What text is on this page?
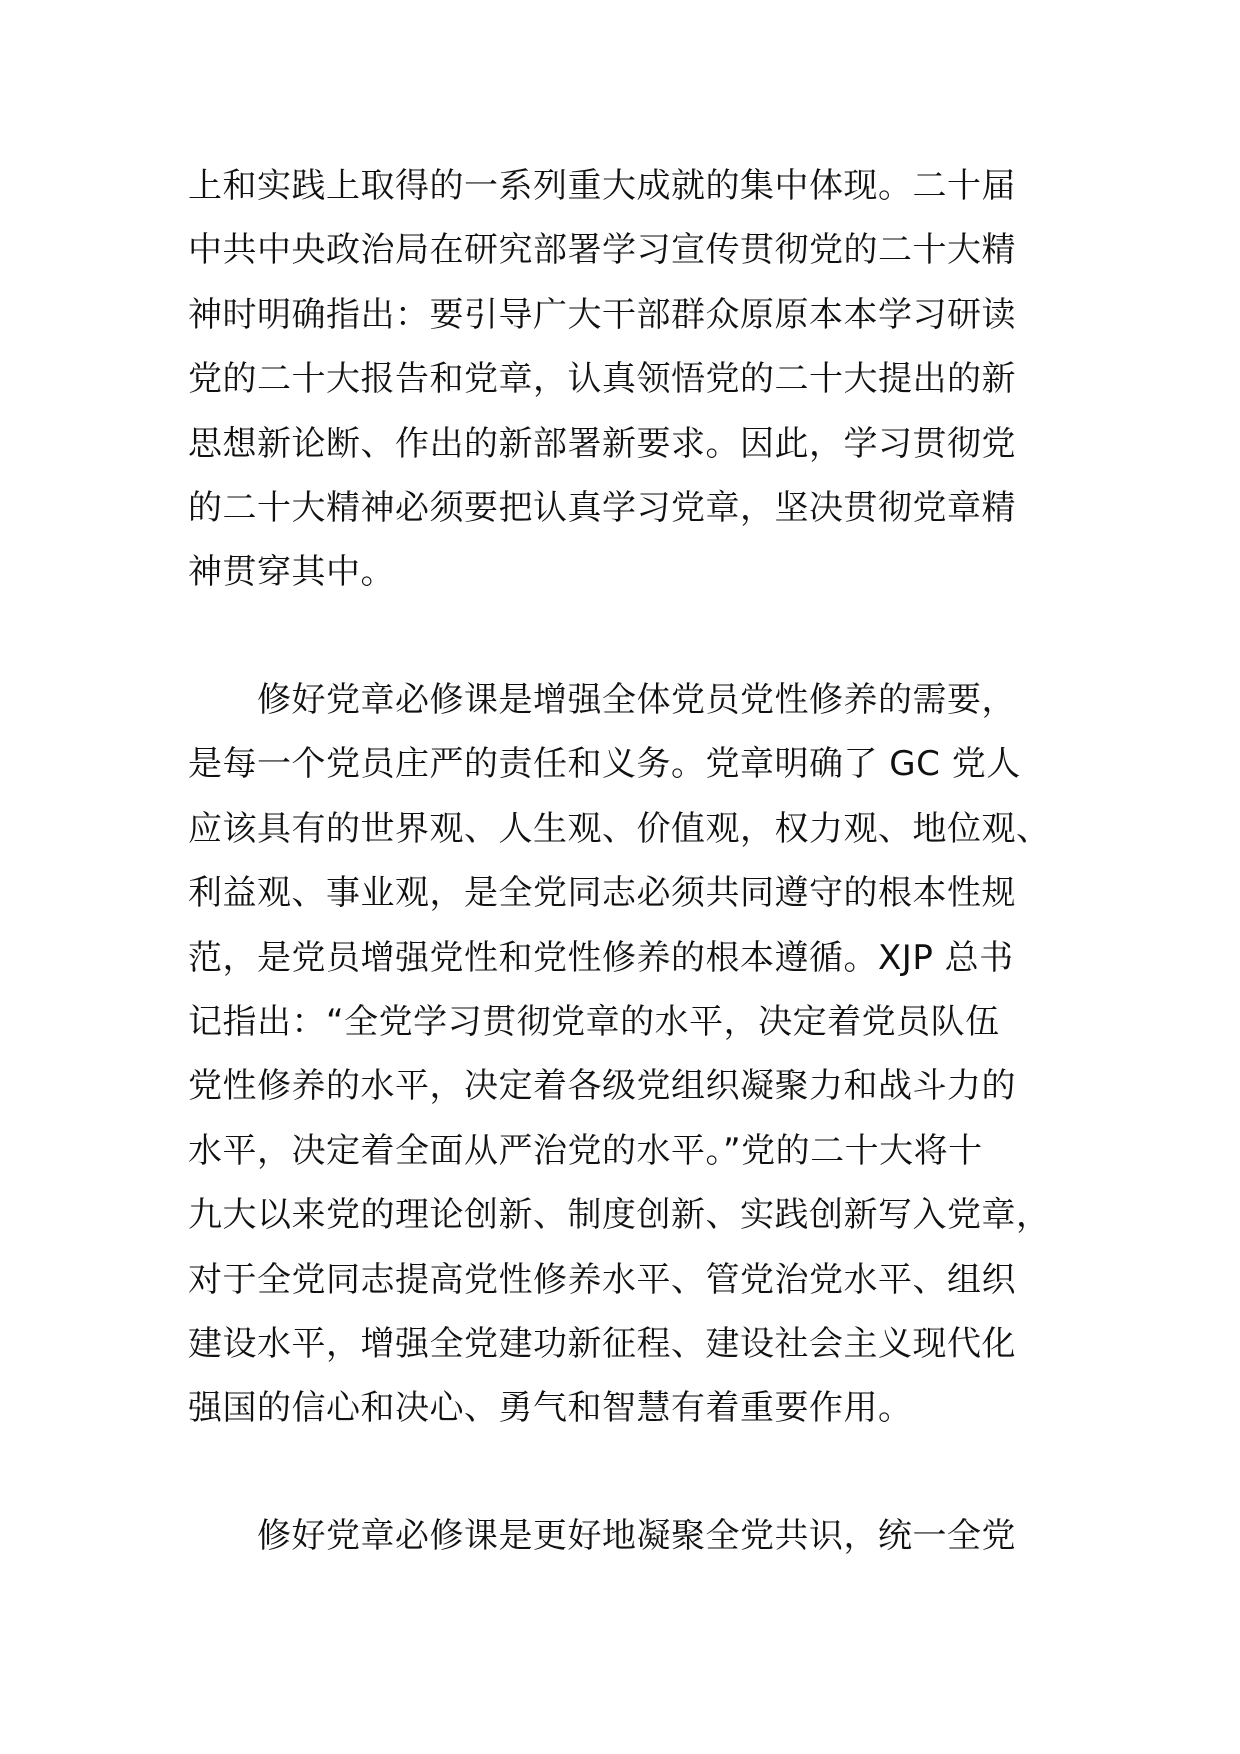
上和实践上取得的一系列重大成就的集中体现。二十届
中共中央政治局在研究部署学习宣传贯彻党的二十大精
神时明确指出：要引导广大干部群众原原本本学习研读
党的二十大报告和党章，认真领悟党的二十大提出的新
思想新论断、作出的新部署新要求。因此，学习贯彻党
的二十大精神必须要把认真学习党章，坚决贯彻党章精
神贯穿其中。
　　修好党章必修课是增强全体党员党性修养的需要，
是每一个党员庄严的责任和义务。党章明确了 GC 党人
应该具有的世界观、人生观、价值观，权力观、地位观、
利益观、事业观，是全党同志必须共同遵守的根本性规
范，是党员增强党性和党性修养的根本遵循。XJP 总书
记指出：“全党学习贯彻党章的水平，决定着党员队伍
党性修养的水平，决定着各级党组织凝聚力和战斗力的
水平，决定着全面从严治党的水平。”党的二十大将十
九大以来党的理论创新、制度创新、实践创新写入党章，
对于全党同志提高党性修养水平、管党治党水平、组织
建设水平，增强全党建功新征程、建设社会主义现代化
强国的信心和决心、勇气和智慧有着重要作用。
　　修好党章必修课是更好地凝聚全党共识，统一全党
